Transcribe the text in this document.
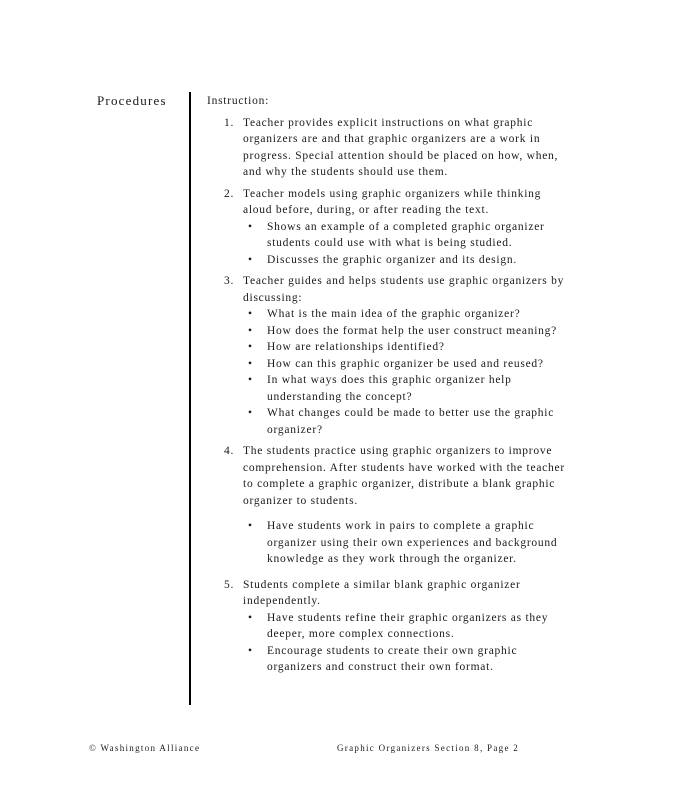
Procedures	Instruction:
1. Teacher provides explicit instructions on what graphic organizers are and that graphic organizers are a work in progress. Special attention should be placed on how, when, and why the students should use them.
2. Teacher models using graphic organizers while thinking aloud before, during, or after reading the text.
• Shows an example of a completed graphic organizer students could use with what is being studied.
• Discusses the graphic organizer and its design.
3. Teacher guides and helps students use graphic organizers by discussing:
• What is the main idea of the graphic organizer?
• How does the format help the user construct meaning?
• How are relationships identified?
• How can this graphic organizer be used and reused?
• In what ways does this graphic organizer help understanding the concept?
• What changes could be made to better use the graphic organizer?
4. The students practice using graphic organizers to improve comprehension. After students have worked with the teacher to complete a graphic organizer, distribute a blank graphic organizer to students.
• Have students work in pairs to complete a graphic organizer using their own experiences and background knowledge as they work through the organizer.
5. Students complete a similar blank graphic organizer independently.
• Have students refine their graphic organizers as they deeper, more complex connections.
• Encourage students to create their own graphic organizers and construct their own format.
© Washington Alliance	Graphic Organizers Section 8, Page 2
